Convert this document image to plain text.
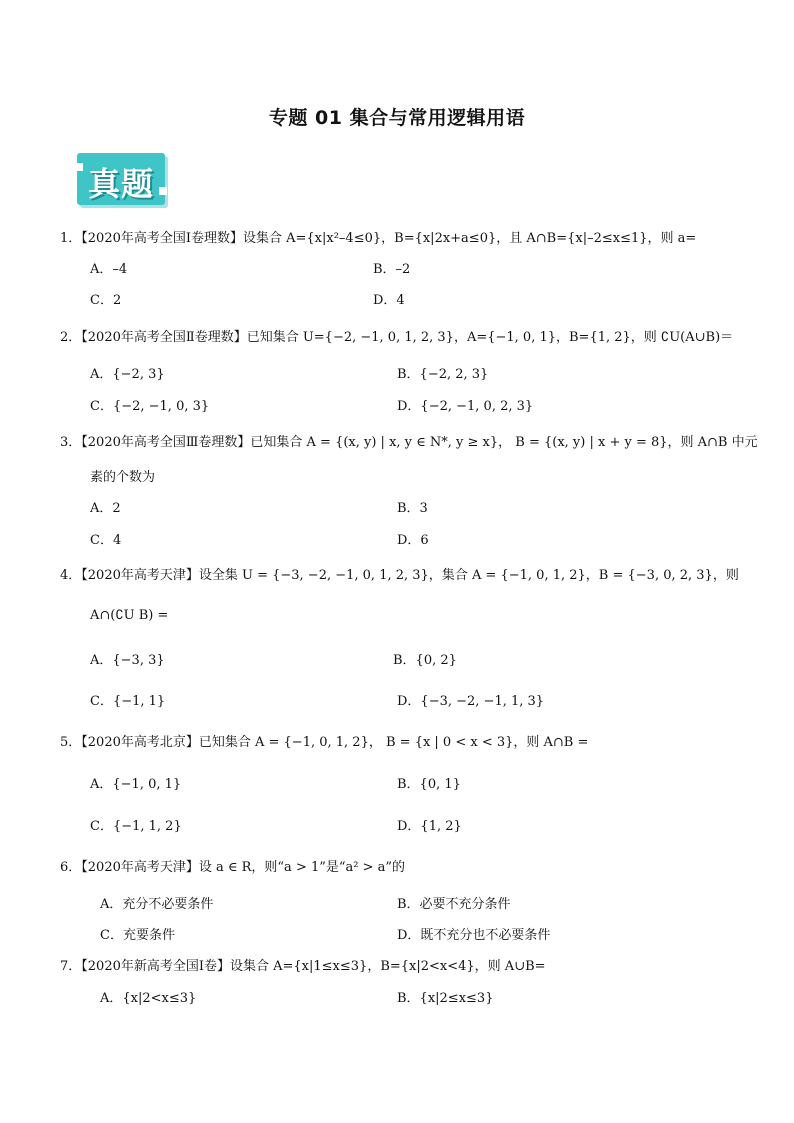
专题 01 集合与常用逻辑用语
真题
1．【2020年高考全国Ⅰ卷理数】设集合 A={x|x²–4≤0}，B={x|2x+a≤0}，且 A∩B={x|–2≤x≤1}，则 a=
A．–4	B．–2
C．2	D．4
2．【2020年高考全国Ⅱ卷理数】已知集合 U={−2, −1, 0, 1, 2, 3}，A={−1, 0, 1}，B={1, 2}，则 ∁U(A∪B)＝
A．{−2, 3}	B．{−2, 2, 3}
C．{−2, −1, 0, 3}	D．{−2, −1, 0, 2, 3}
3．【2020年高考全国Ⅲ卷理数】已知集合 A = {(x, y) | x, y ∈ N*, y ≥ x}， B = {(x, y) | x + y = 8}，则 A∩B 中元
素的个数为
A．2	B．3
C．4	D．6
4．【2020年高考天津】设全集 U = {−3, −2, −1, 0, 1, 2, 3}，集合 A = {−1, 0, 1, 2}，B = {−3, 0, 2, 3}，则
A∩(∁U B) =
A．{−3, 3}	B．{0, 2}
C．{−1, 1}	D．{−3, −2, −1, 1, 3}
5．【2020年高考北京】已知集合 A = {−1, 0, 1, 2}， B = {x | 0 < x < 3}，则 A∩B =
A．{−1, 0, 1}	B．{0, 1}
C．{−1, 1, 2}	D．{1, 2}
6．【2020年高考天津】设 a ∈ R，则“a > 1”是“a² > a”的
A．充分不必要条件	B．必要不充分条件
C．充要条件	D．既不充分也不必要条件
7．【2020年新高考全国Ⅰ卷】设集合 A={x|1≤x≤3}，B={x|2<x<4}，则 A∪B=
A．{x|2<x≤3}	B．{x|2≤x≤3}
